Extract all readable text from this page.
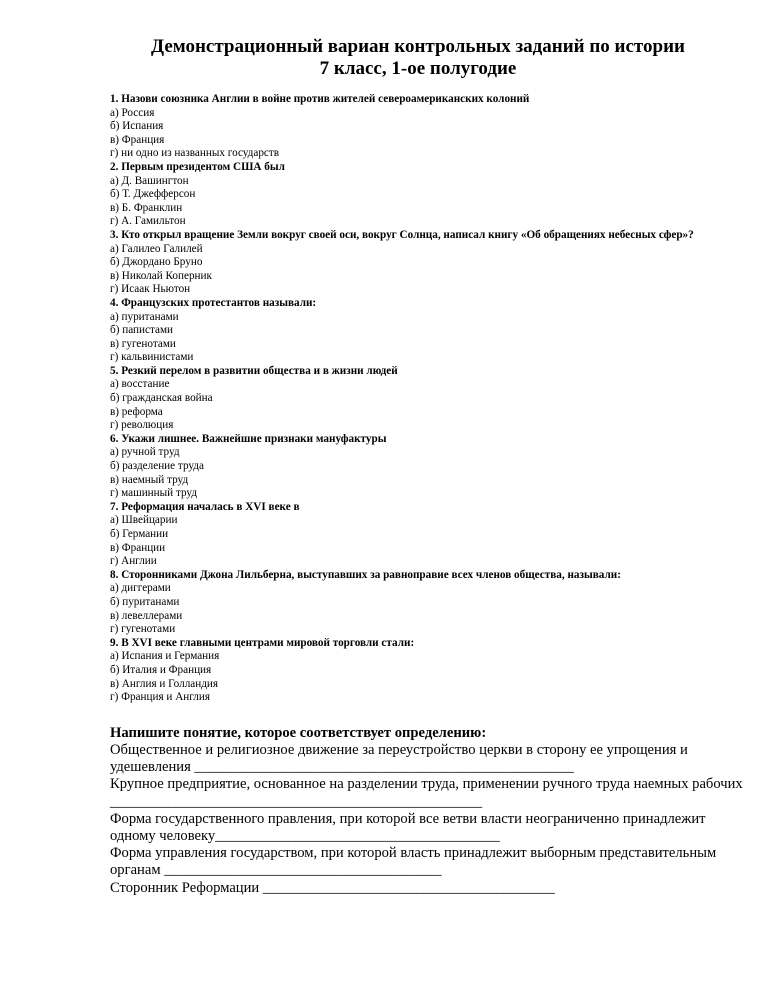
Демонстрационный вариан контрольных заданий по истории
7 класс, 1-ое полугодие
1. Назови союзника Англии в войне против жителей североамериканских колоний
а) Россия
б) Испания
в) Франция
г) ни одно из названных государств
2. Первым президентом США был
а) Д. Вашингтон
б) Т. Джефферсон
в) Б. Франклин
г) А. Гамильтон
3. Кто открыл вращение Земли вокруг своей оси, вокруг Солнца, написал книгу «Об обращениях небесных сфер»?
а) Галилео Галилей
б) Джордано Бруно
в) Николай Коперник
г) Исаак Ньютон
4. Французских протестантов называли:
а) пуританами
б) папистами
в) гугенотами
г) кальвинистами
5. Резкий перелом в развитии общества и в жизни людей
а) восстание
б) гражданская война
в) реформа
г) революция
6. Укажи лишнее. Важнейшие признаки мануфактуры
а) ручной труд
б) разделение труда
в) наемный труд
г) машинный труд
7. Реформация началась в XVI веке в
а) Швейцарии
б) Германии
в) Франции
г) Англии
8. Сторонниками Джона Лильберна, выступавших за равноправие всех членов общества, называли:
а) диггерами
б) пуританами
в) левеллерами
г) гугенотами
9. В XVI веке главными центрами мировой торговли стали:
а) Испания и Германия
б) Италия и Франция
в) Англия и Голландия
г) Франция и Англия
Напишите понятие, которое соответствует определению:
Общественное и религиозное движение за переустройство церкви в сторону ее упрощения и удешевления ____________________________________________________
Крупное предприятие, основанное на разделении труда, применении ручного труда наемных рабочих ___________________________________________________
Форма государственного правления, при которой все ветви власти неограниченно принадлежит одному человеку_______________________________________
Форма управления государством, при которой власть принадлежит выборным представительным органам ______________________________________
Сторонник Реформации ________________________________________
